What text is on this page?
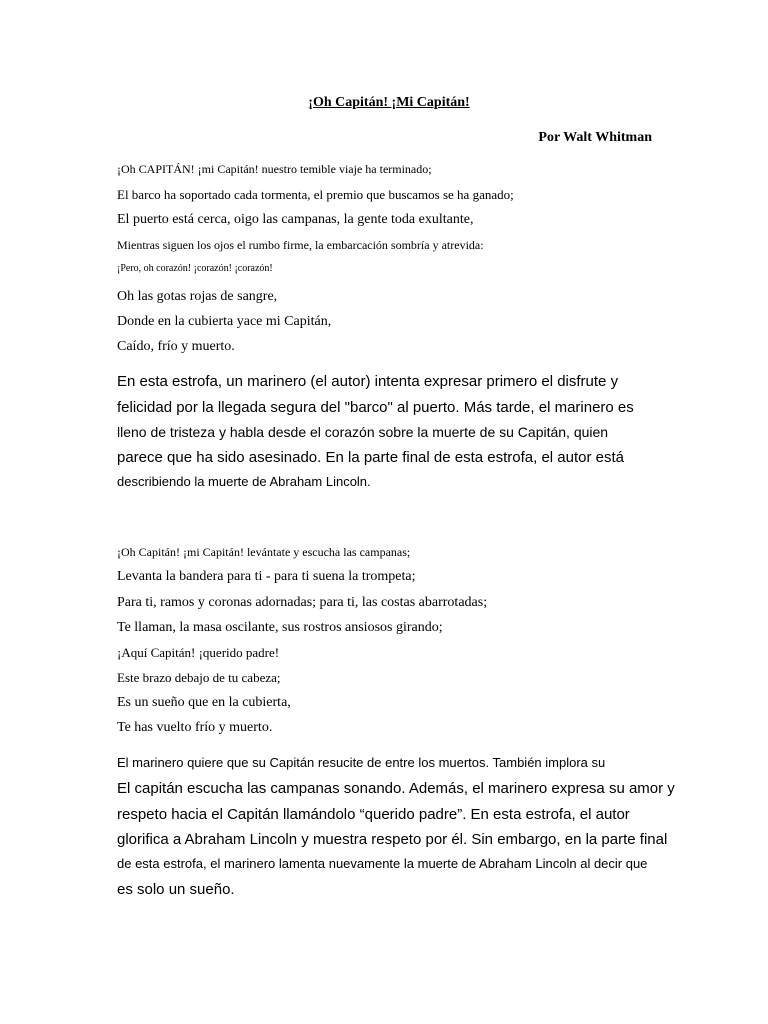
¡Oh Capitán! ¡Mi Capitán!
Por Walt Whitman
¡Oh CAPITÁN! ¡mi Capitán! nuestro temible viaje ha terminado;
El barco ha soportado cada tormenta, el premio que buscamos se ha ganado;
El puerto está cerca, oigo las campanas, la gente toda exultante,
Mientras siguen los ojos el rumbo firme, la embarcación sombría y atrevida:
¡Pero, oh corazón! ¡corazón! ¡corazón!
Oh las gotas rojas de sangre,
Donde en la cubierta yace mi Capitán,
Caído, frío y muerto.
En esta estrofa, un marinero (el autor) intenta expresar primero el disfrute y
felicidad por la llegada segura del "barco" al puerto. Más tarde, el marinero es
lleno de tristeza y habla desde el corazón sobre la muerte de su Capitán, quien
parece que ha sido asesinado. En la parte final de esta estrofa, el autor está
describiendo la muerte de Abraham Lincoln.
¡Oh Capitán! ¡mi Capitán! levántate y escucha las campanas;
Levanta la bandera para ti - para ti suena la trompeta;
Para ti, ramos y coronas adornadas; para ti, las costas abarrotadas;
Te llaman, la masa oscilante, sus rostros ansiosos girando;
¡Aquí Capitán! ¡querido padre!
Este brazo debajo de tu cabeza;
Es un sueño que en la cubierta,
Te has vuelto frío y muerto.
El marinero quiere que su Capitán resucite de entre los muertos. También implora su
El capitán escucha las campanas sonando. Además, el marinero expresa su amor y
respeto hacia el Capitán llamándolo “querido padre”. En esta estrofa, el autor
glorifica a Abraham Lincoln y muestra respeto por él. Sin embargo, en la parte final
de esta estrofa, el marinero lamenta nuevamente la muerte de Abraham Lincoln al decir que
es solo un sueño.
